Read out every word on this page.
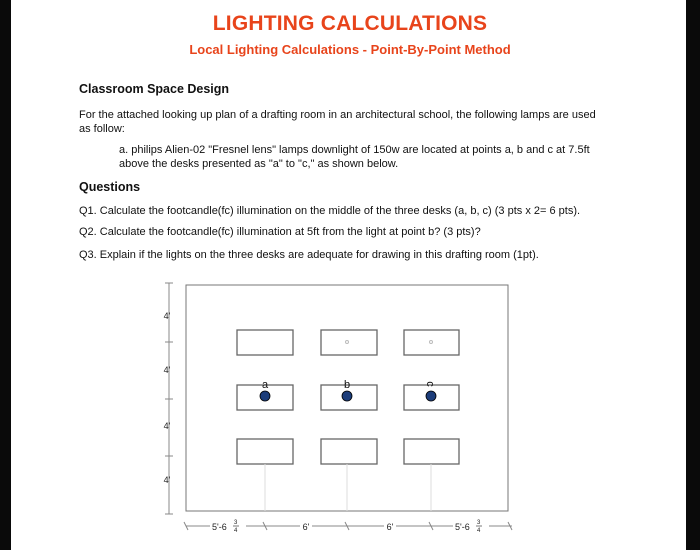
LIGHTING CALCULATIONS
Local Lighting Calculations - Point-By-Point Method
Classroom Space Design
For the attached looking up plan of a drafting room in an architectural school, the following lamps are used
as follow:
a. philips Alien-02 "Fresnel lens" lamps downlight of 150w are located at points a, b and c at 7.5ft
above the desks presented as "a" to "c," as shown below.
Questions
Q1. Calculate the footcandle(fc) illumination on the middle of the three desks (a, b, c) (3 pts x 2= 6 pts).
Q2. Calculate the footcandle(fc) illumination at 5ft from the light at point b? (3 pts)?
Q3. Explain if the lights on the three desks are adequate for drawing in this drafting room (1pt).
4'
4'
4'
4'
a	b	c
5'-6 3
4	6'	6'	5'-6 3
4
